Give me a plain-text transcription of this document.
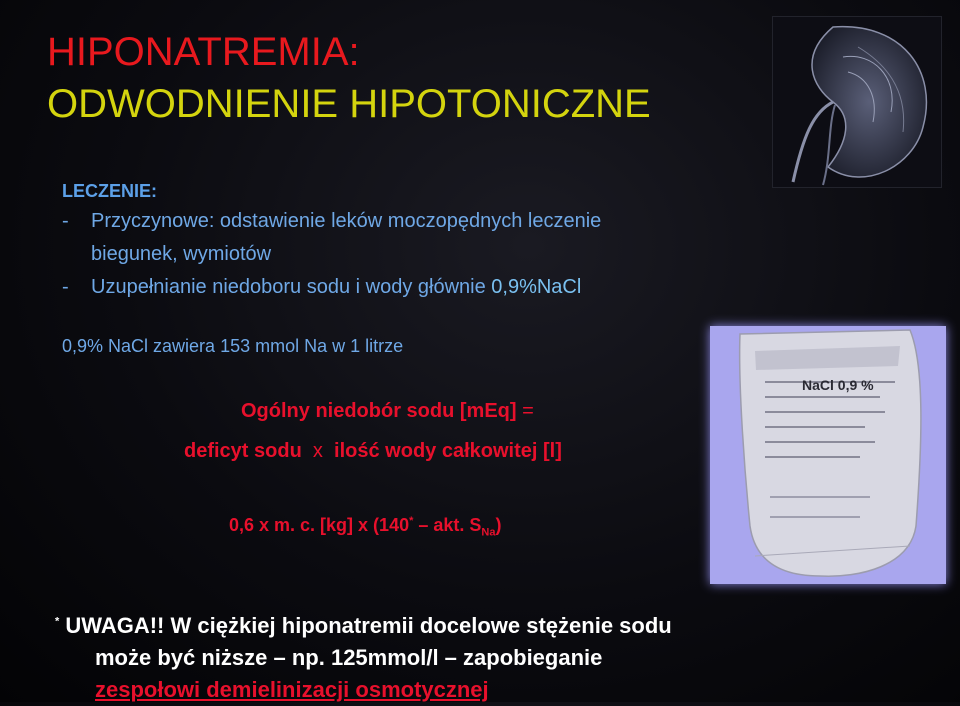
HIPONATREMIA:
ODWODNIENIE HIPOTONICZNE
LECZENIE:
- Przyczynowe: odstawienie leków moczopędnych leczenie
biegunek, wymiotów
- Uzupełnianie niedoboru sodu i wody głównie 0,9%NaCl
0,9% NaCl zawiera 153 mmol Na w 1 litrze
Ogólny niedobór sodu [mEq] =
deficyt sodu x ilość wody całkowitej [l]
0,6 x m. c. [kg] x (140* – akt. $S_{Na}$)
NaCl 0,9 %
* UWAGA!! W ciężkiej hiponatremii docelowe stężenie sodu
może być niższe – np. 125mmol/l – zapobieganie
zespołowi demielinizacji osmotycznej
